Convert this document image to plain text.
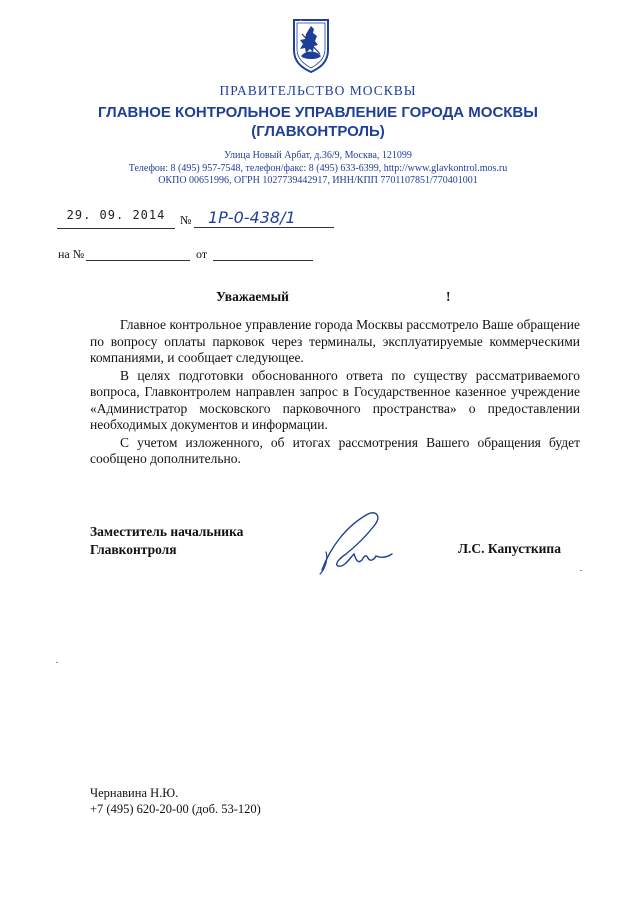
ПРАВИТЕЛЬСТВО МОСКВЫ
ГЛАВНОЕ КОНТРОЛЬНОЕ УПРАВЛЕНИЕ ГОРОДА МОСКВЫ
(ГЛАВКОНТРОЛЬ)
Улица Новый Арбат, д.36/9, Москва, 121099
Телефон: 8 (495) 957-7548, телефон/факс: 8 (495) 633-6399, http://www.glavkontrol.mos.ru
ОКПО 00651996, ОГРН 1027739442917, ИНН/КПП 7701107851/770401001
29. 09. 2014	№	1Р-0-438/1
на №	от
Уважаемый	!

Главное контрольное управление города Москвы рассмотрело Ваше обращение по вопросу оплаты парковок через терминалы, эксплуатируемые коммерческими компаниями, и сообщает следующее.

В целях подготовки обоснованного ответа по существу рассматриваемого вопроса, Главконтролем направлен запрос в Государственное казенное учреждение «Администратор московского парковочного пространства» о предоставлении необходимых документов и информации.

С учетом изложенного, об итогах рассмотрения Вашего обращения будет сообщено дополнительно.

Заместитель начальника
Главконтроля	Л.С. Капусткипа
Чернавина Н.Ю.
+7 (495) 620-20-00 (доб. 53-120)
